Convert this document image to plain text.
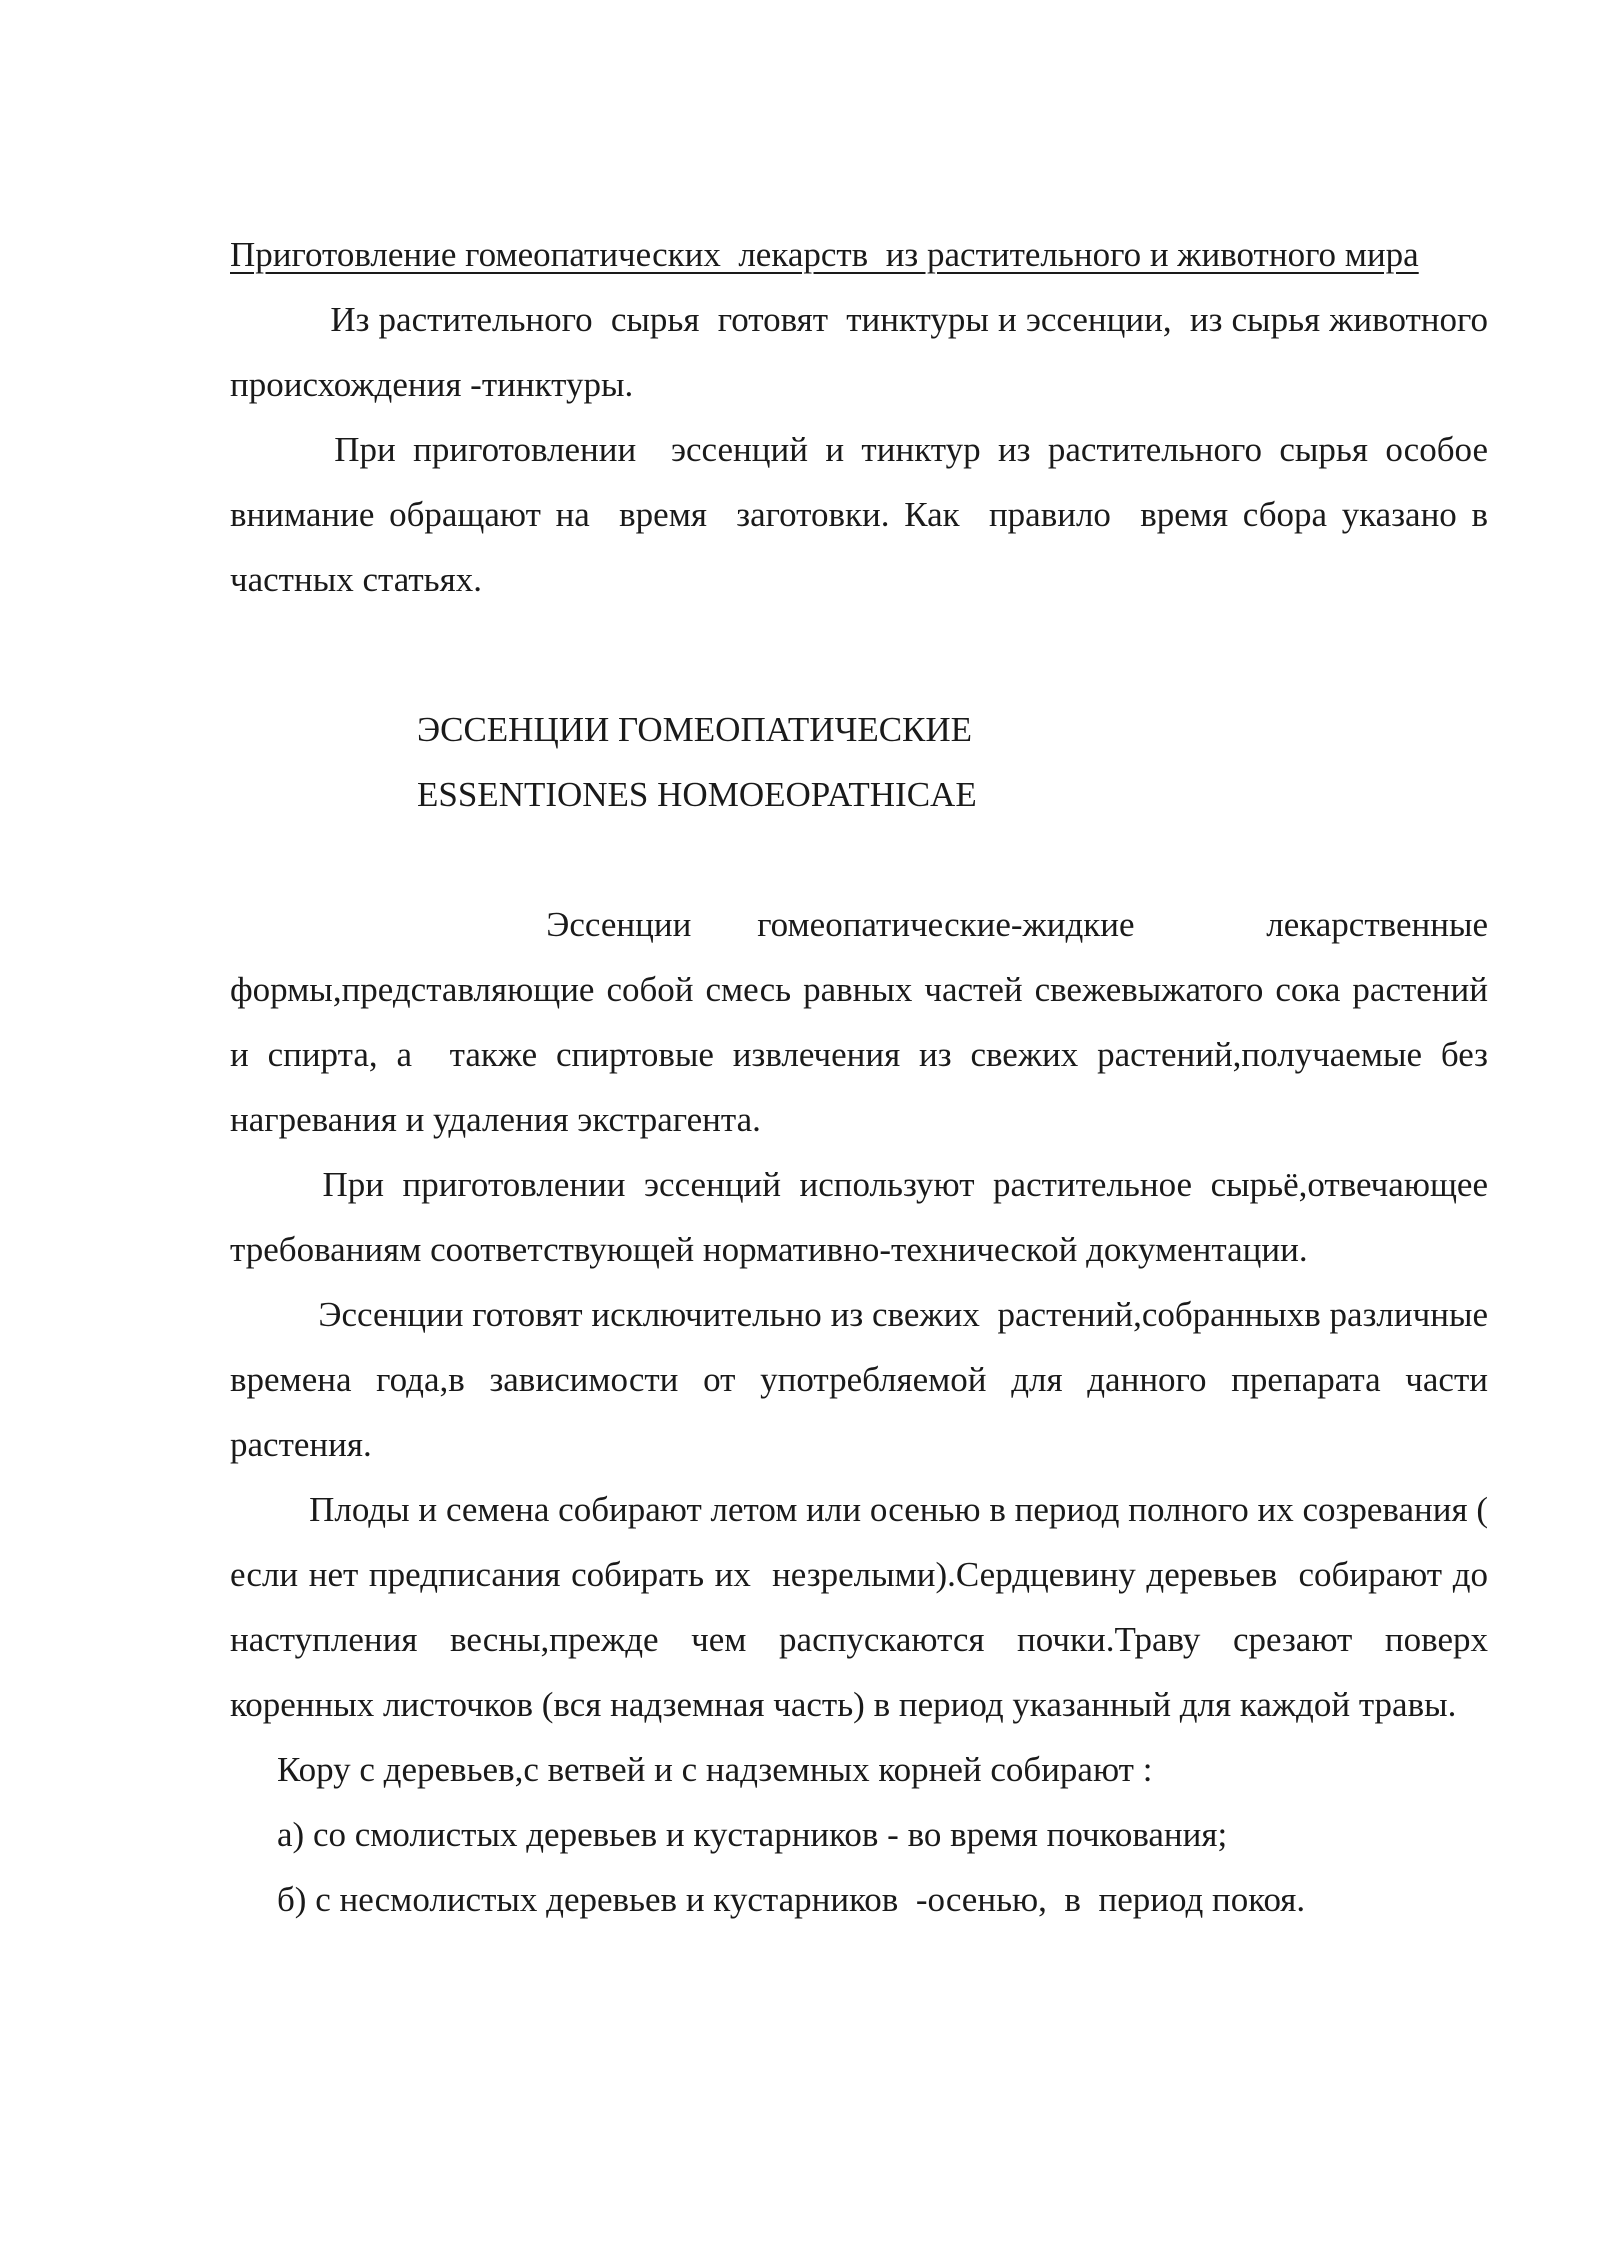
Приготовление гомеопатических  лекарств  из растительного и животного мира

Из растительного  сырья  готовят  тинктуры и эссенции,  из сырья животного происхождения -тинктуры.

При приготовлении  эссенций и тинктур из растительного сырья особое внимание обращают на  время  заготовки. Как  правило  время сбора указано в частных статьях.

ЭССЕНЦИИ ГОМЕОПАТИЧЕСКИЕ

ESSENTIONES HOMOEOPATHICAE

Эссенции     гомеопатические-жидкие          лекарственные формы,представляющие собой смесь равных частей свежевыжатого сока растений и спирта, а  также спиртовые извлечения из свежих растений,получаемые без нагревания и удаления экстрагента.

При приготовлении эссенций используют растительное сырьё,отвечающее требованиям соответствующей нормативно-технической документации.

Эссенции готовят исключительно из свежих  растений,собранныхв различные  времена года,в зависимости от употребляемой для данного препарата части растения.

Плоды и семена собирают летом или осенью в период полного их созревания ( если нет предписания собирать их  незрелыми).Сердцевину деревьев  собирают до наступления весны,прежде чем распускаются почки.Траву срезают поверх коренных листочков (вся надземная часть) в период указанный для каждой травы.

Кору с деревьев,с ветвей и с надземных корней собирают :

а) со смолистых деревьев и кустарников - во время почкования;

б) с несмолистых деревьев и кустарников  -осенью,  в  период покоя.
